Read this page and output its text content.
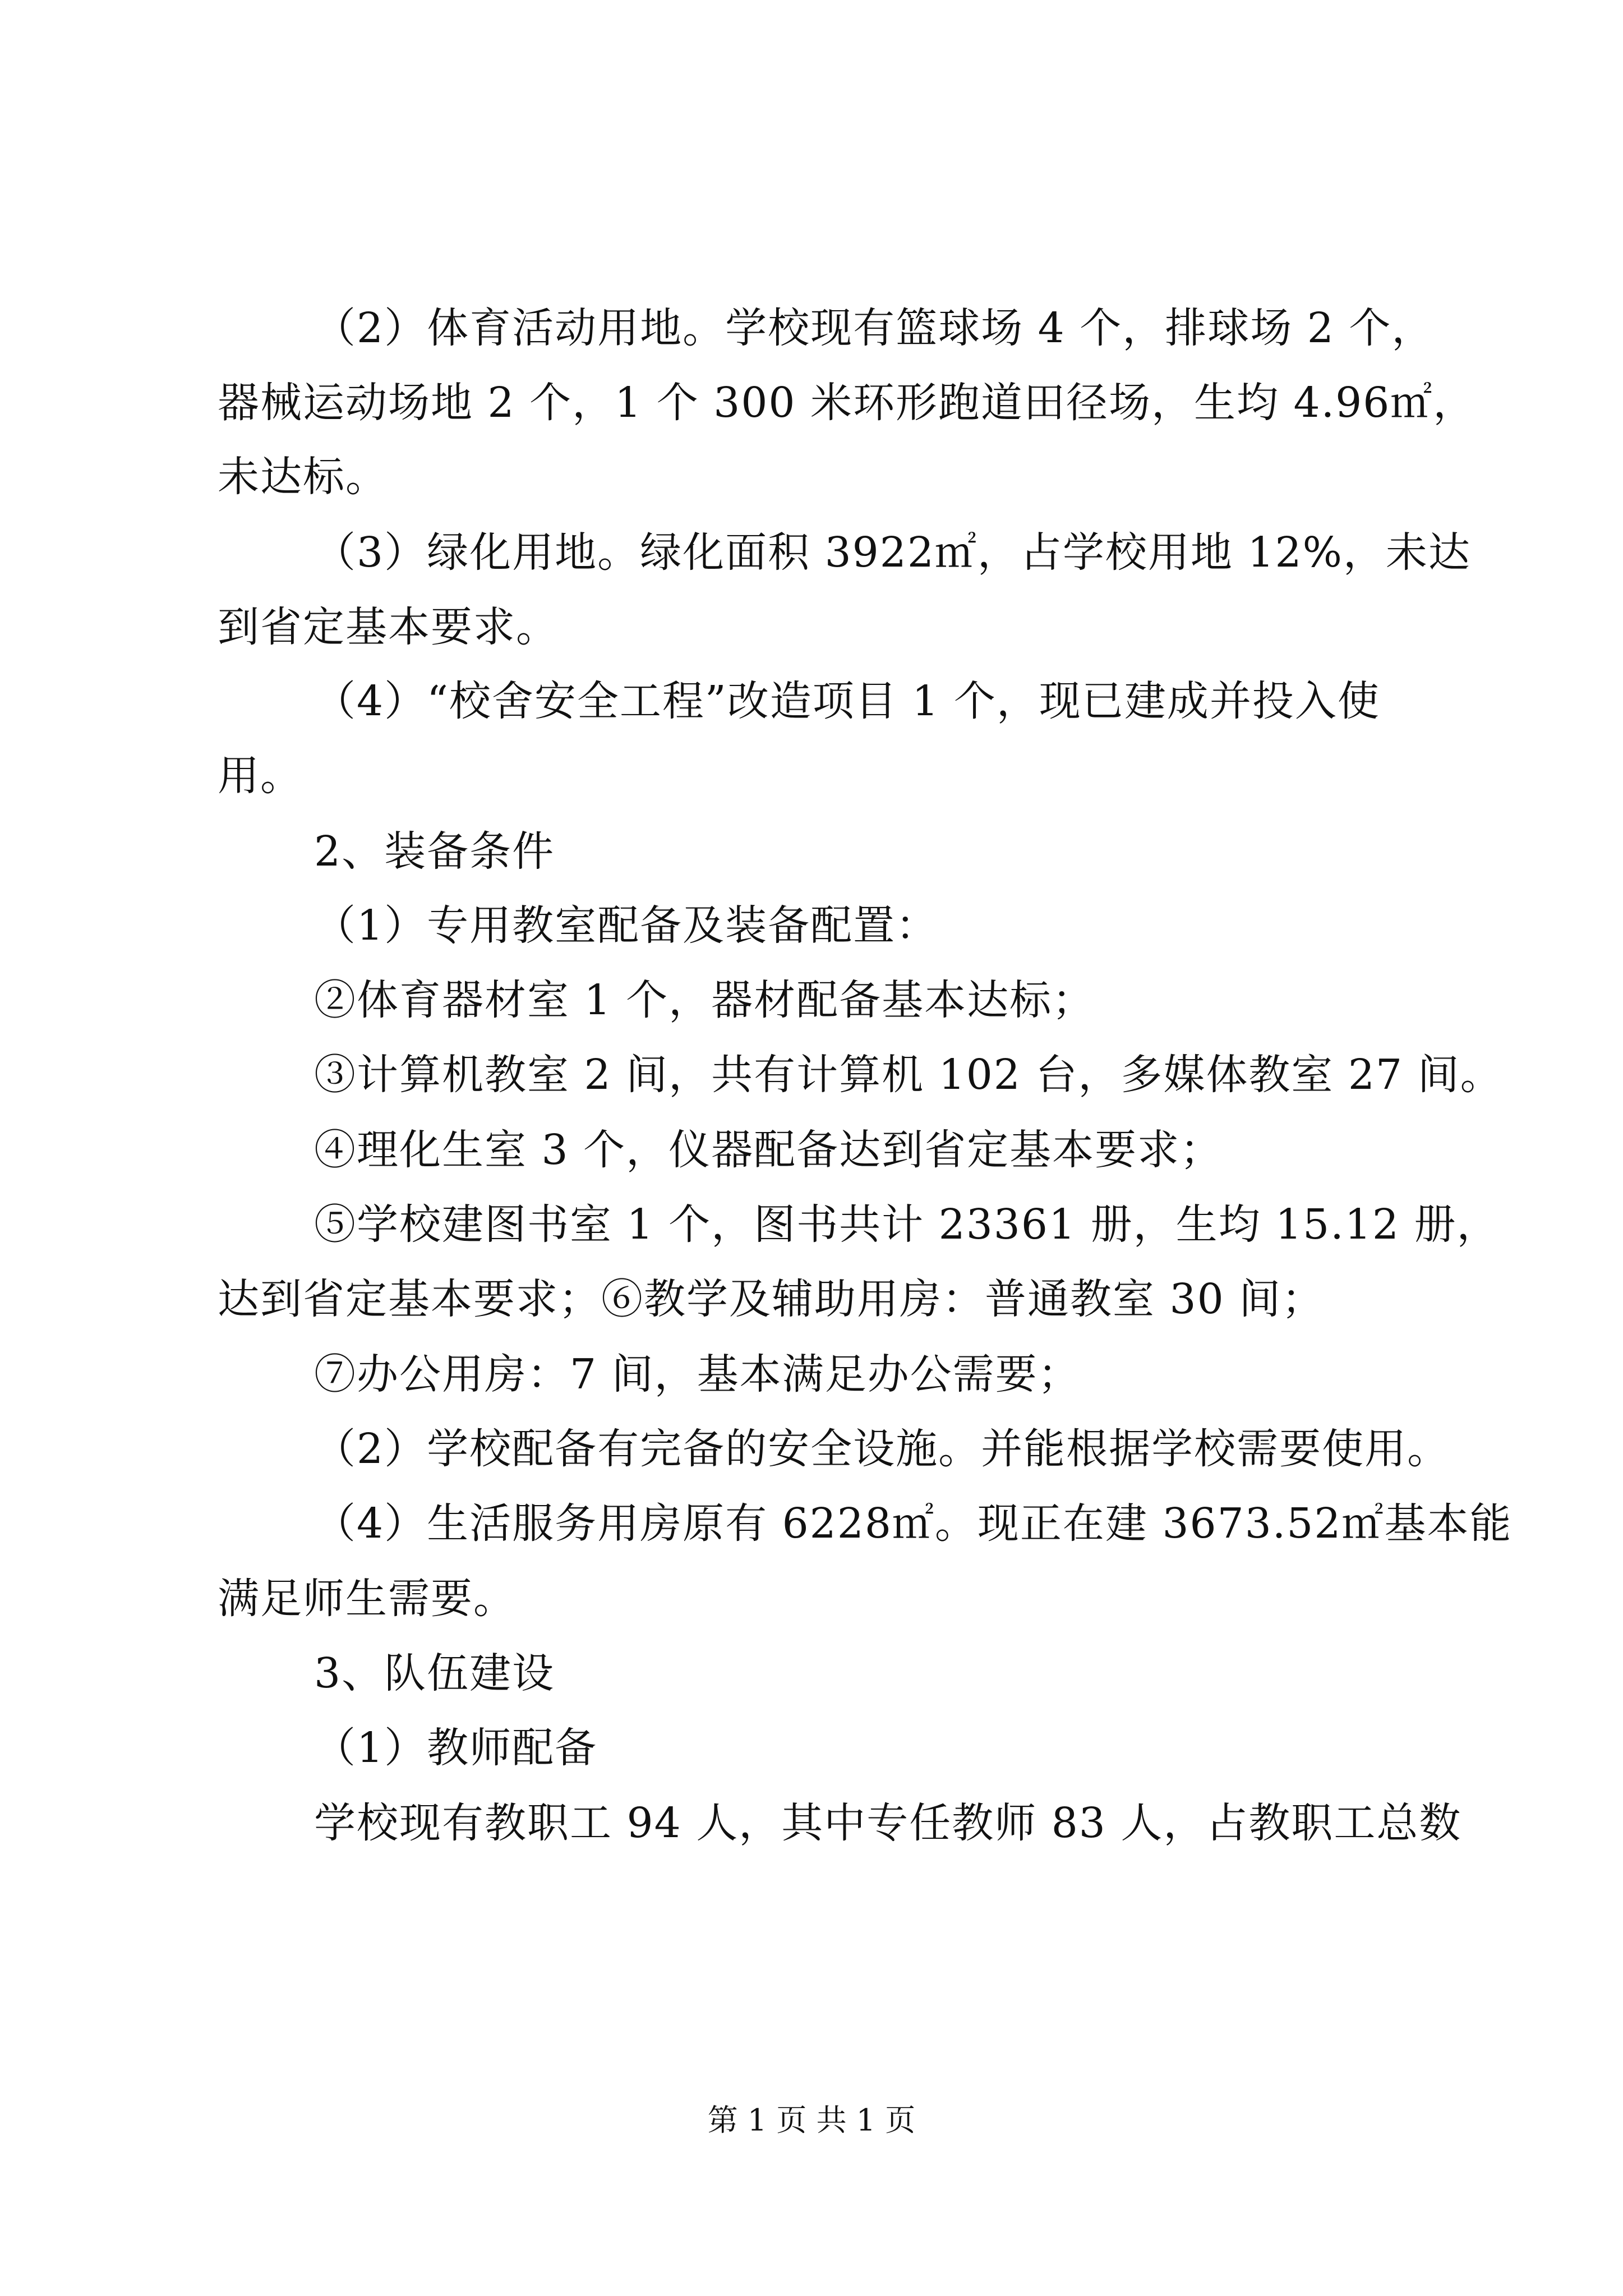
（2）体育活动用地。学校现有篮球场 4 个，排球场 2 个，
器械运动场地 2 个，1 个 300 米环形跑道田径场，生均 4.96㎡，
未达标。
（3）绿化用地。绿化面积 3922㎡，占学校用地 12%，未达
到省定基本要求。
（4）“校舍安全工程”改造项目 1 个，现已建成并投入使
用。
2、装备条件
（1）专用教室配备及装备配置：
②体育器材室 1 个，器材配备基本达标；
③计算机教室 2 间，共有计算机 102 台，多媒体教室 27 间。
④理化生室 3 个，仪器配备达到省定基本要求；
⑤学校建图书室 1 个，图书共计 23361 册，生均 15.12 册，
达到省定基本要求；⑥教学及辅助用房：普通教室 30 间；
⑦办公用房：7 间，基本满足办公需要；
（2）学校配备有完备的安全设施。并能根据学校需要使用。
（4）生活服务用房原有 6228㎡。现正在建 3673.52㎡基本能
满足师生需要。
3、队伍建设
（1）教师配备
学校现有教职工 94 人，其中专任教师 83 人，占教职工总数
第 1 页 共 1 页
